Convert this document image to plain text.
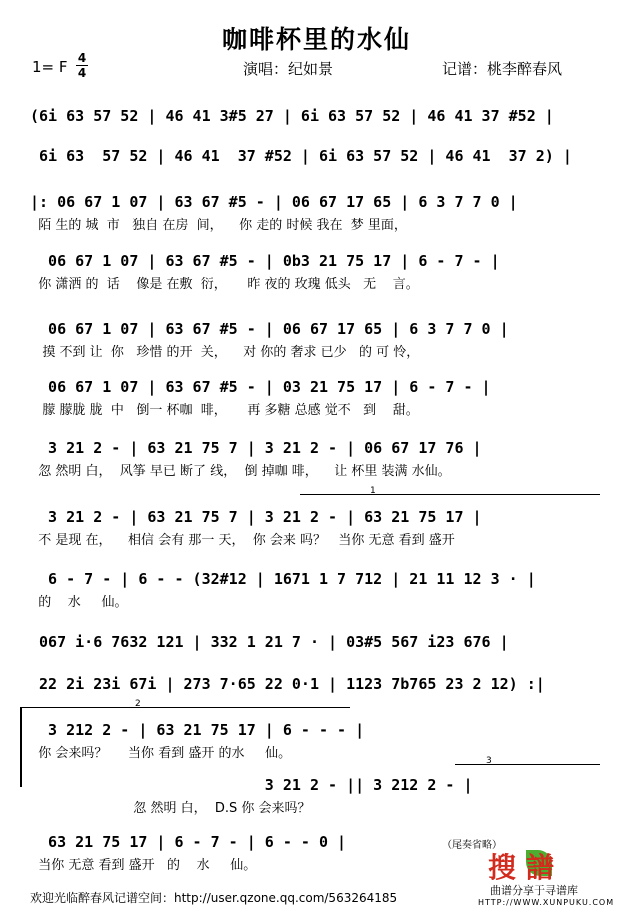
咖啡杯里的水仙
1= F 4
4	演唱：纪如景	记谱：桃李醉春风
(6i 63 57 52 | 46 41 3#5 27 | 6i 63 57 52 | 46 41 37 #52 |
6i 63  57 52 | 46 41  37 #52 | 6i 63 57 52 | 46 41  37 2) |
|: 06 67 1 07 | 63 67 #5 - | 06 67 17 65 | 6 3 7 7 0 |
陌 生的 城  市   独自 在房  间，    你 走的 时候 我在  梦 里面，
06 67 1 07 | 63 67 #5 - | 0b3 21 75 17 | 6 - 7 - |
你 潇洒 的  话    像是 在敷  衍，     昨 夜的 玫瑰 低头   无    言。
06 67 1 07 | 63 67 #5 - | 06 67 17 65 | 6 3 7 7 0 |
摸 不到 让  你   珍惜 的开  关，    对 你的 奢求 已少   的 可 怜，
06 67 1 07 | 63 67 #5 - | 03 21 75 17 | 6 - 7 - |
朦 朦胧 胧  中   倒一 杯咖  啡，     再 多糖 总感 觉不   到    甜。
3 21 2 - | 63 21 75 7 | 3 21 2 - | 06 67 17 76 |
忽 然明 白，  风筝 早已 断了 线，  倒 掉咖 啡，    让 杯里 装满 水仙。
1
3 21 2 - | 63 21 75 7 | 3 21 2 - | 63 21 75 17 |
不 是现 在，    相信 会有 那一 天，  你 会来 吗？   当你 无意 看到 盛开
6 - 7 - | 6 - - (32#12 | 1671 1 7 712 | 21 11 12 3 · |
的    水     仙。
067 i·6 7632 121 | 332 1 21 7 · | 03#5 567 i23 676 |
22 2i 23i 67i | 273 7·65 22 0·1 | 1123 7b765 23 2 12) :|
2
3 212 2 - | 63 21 75 17 | 6 - - - |
你 会来吗？     当你 看到 盛开 的水     仙。	3
3 21 2 - || 3 212 2 - |
忽 然明 白，  D.S 你 会来吗？
63 21 75 17 | 6 - 7 - | 6 - - 0 |
当你 无意 看到 盛开   的    水     仙。
（尾奏省略）
欢迎光临醉春风记谱空间：http://user.qzone.qq.com/563264185
搜譜
曲谱分享于寻谱库
HTTP://WWW.XUNPUKU.COM
